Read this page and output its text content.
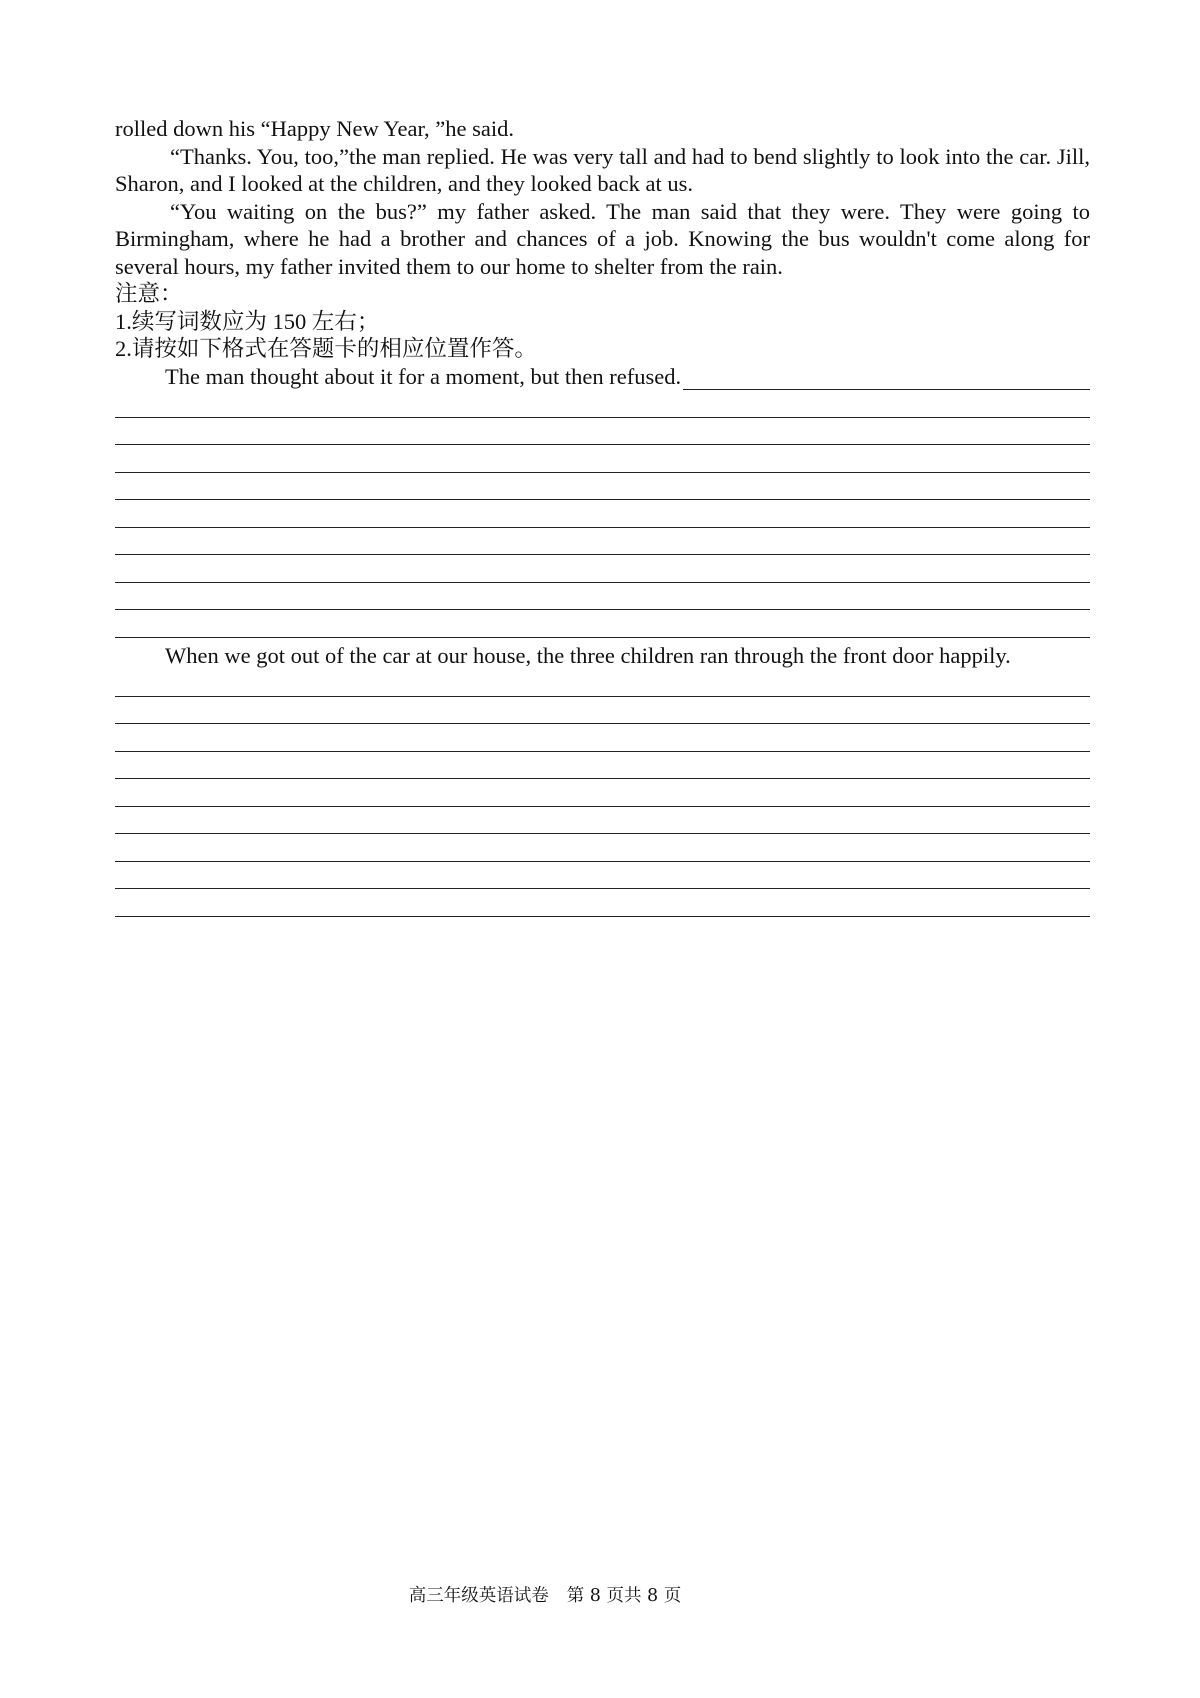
rolled down his “Happy New Year, ”he said.

“Thanks. You, too,”the man replied. He was very tall and had to bend slightly to look into the car. Jill, Sharon, and I looked at the children, and they looked back at us.

“You waiting on the bus?” my father asked. The man said that they were. They were going to Birmingham, where he had a brother and chances of a job. Knowing the bus wouldn't come along for several hours, my father invited them to our home to shelter from the rain.

注意：

1.续写词数应为 150 左右；

2.请按如下格式在答题卡的相应位置作答。

The man thought about it for a moment, but then refused.

When we got out of the car at our house, the three children ran through the front door happily.

高三年级英语试卷 第 8 页共 8 页
